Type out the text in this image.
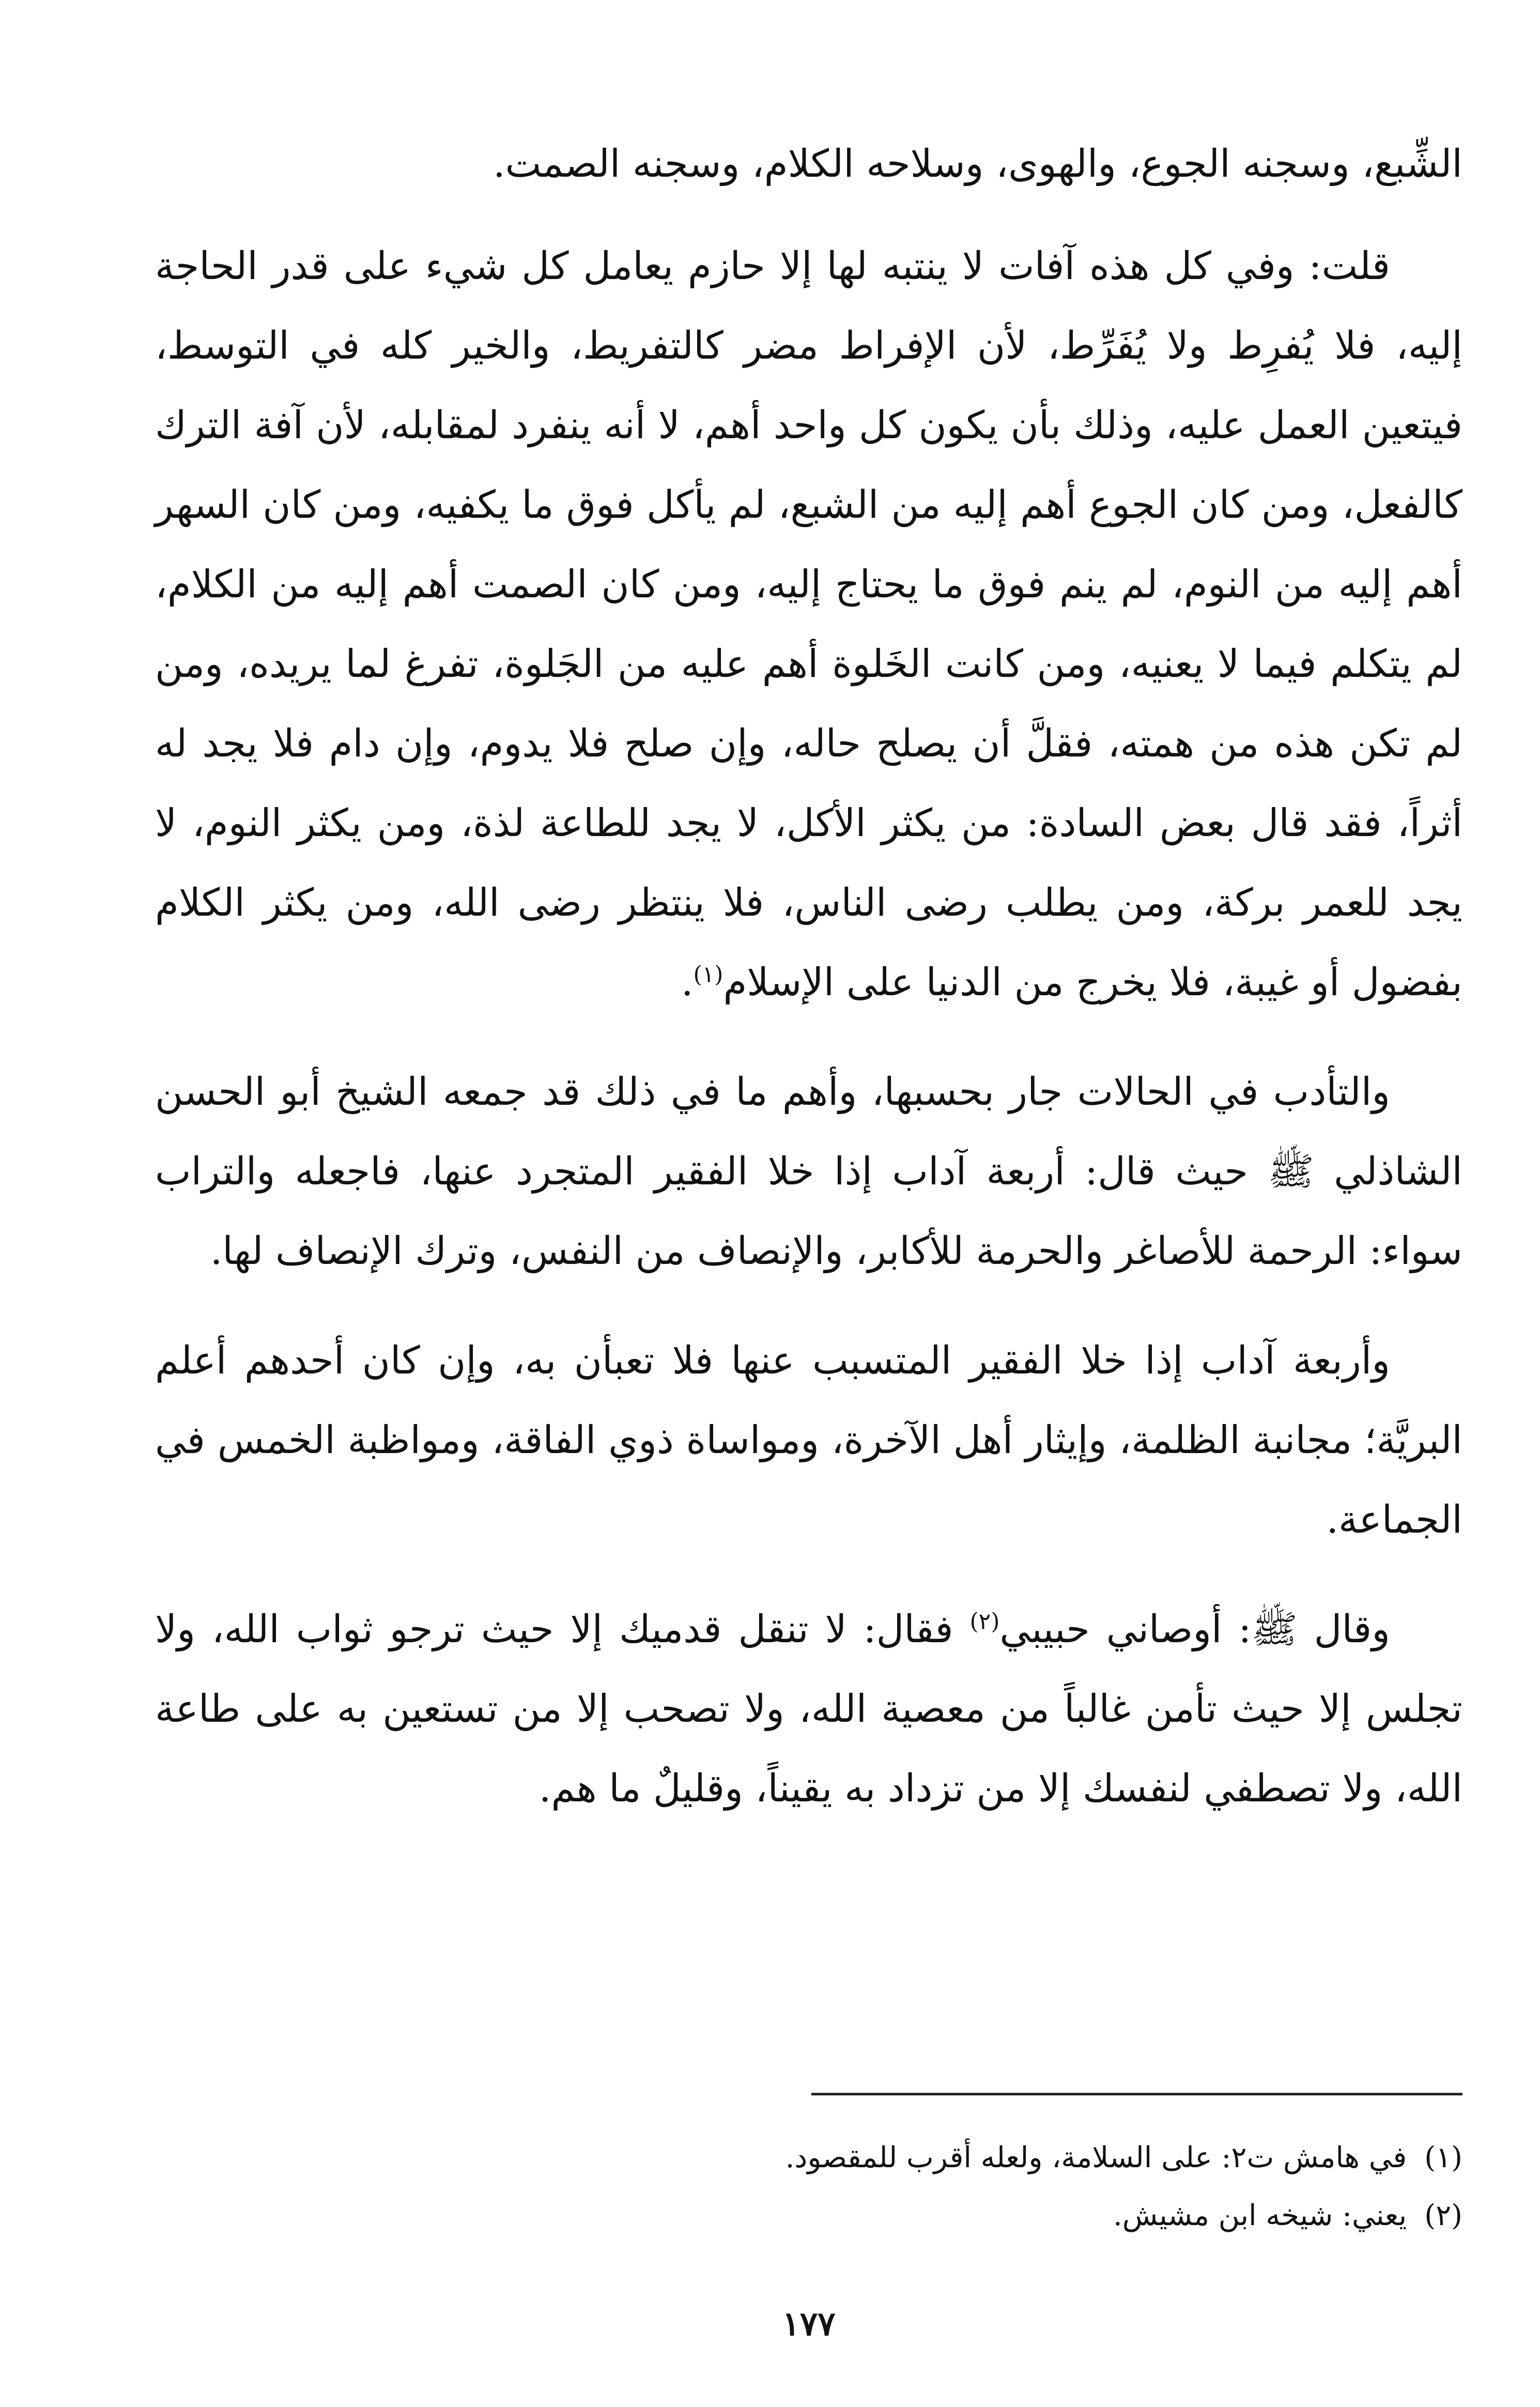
الشِّبع، وسجنه الجوع، والهوى، وسلاحه الكلام، وسجنه الصمت.

قلت: وفي كل هذه آفات لا ينتبه لها إلا حازم يعامل كل شيء على قدر الحاجة إليه، فلا يُفرِط ولا يُفَرِّط، لأن الإفراط مضر كالتفريط، والخير كله في التوسط، فيتعين العمل عليه، وذلك بأن يكون كل واحد أهم، لا أنه ينفرد لمقابله، لأن آفة الترك كالفعل، ومن كان الجوع أهم إليه من الشبع، لم يأكل فوق ما يكفيه، ومن كان السهر أهم إليه من النوم، لم ينم فوق ما يحتاج إليه، ومن كان الصمت أهم إليه من الكلام، لم يتكلم فيما لا يعنيه، ومن كانت الخَلوة أهم عليه من الجَلوة، تفرغ لما يريده، ومن لم تكن هذه من همته، فقلَّ أن يصلح حاله، وإن صلح فلا يدوم، وإن دام فلا يجد له أثراً، فقد قال بعض السادة: من يكثر الأكل، لا يجد للطاعة لذة، ومن يكثر النوم، لا يجد للعمر بركة، ومن يطلب رضى الناس، فلا ينتظر رضى الله، ومن يكثر الكلام بفضول أو غيبة، فلا يخرج من الدنيا على الإسلام$^{(١)}$.

والتأدب في الحالات جار بحسبها، وأهم ما في ذلك قد جمعه الشيخ أبو الحسن الشاذلي ﷺ حيث قال: أربعة آداب إذا خلا الفقير المتجرد عنها، فاجعله والتراب سواء: الرحمة للأصاغر والحرمة للأكابر، والإنصاف من النفس، وترك الإنصاف لها.

وأربعة آداب إذا خلا الفقير المتسبب عنها فلا تعبأن به، وإن كان أحدهم أعلم البريَّة؛ مجانبة الظلمة، وإيثار أهل الآخرة، ومواساة ذوي الفاقة، ومواظبة الخمس في الجماعة.

وقال ﷺ: أوصاني حبيبي$^{(٢)}$ فقال: لا تنقل قدميك إلا حيث ترجو ثواب الله، ولا تجلس إلا حيث تأمن غالباً من معصية الله، ولا تصحب إلا من تستعين به على طاعة الله، ولا تصطفي لنفسك إلا من تزداد به يقيناً، وقليلٌ ما هم.

(١)
في هامش ت٢: على السلامة، ولعله أقرب للمقصود.

(٢)
يعني: شيخه ابن مشيش.

١٧٧
